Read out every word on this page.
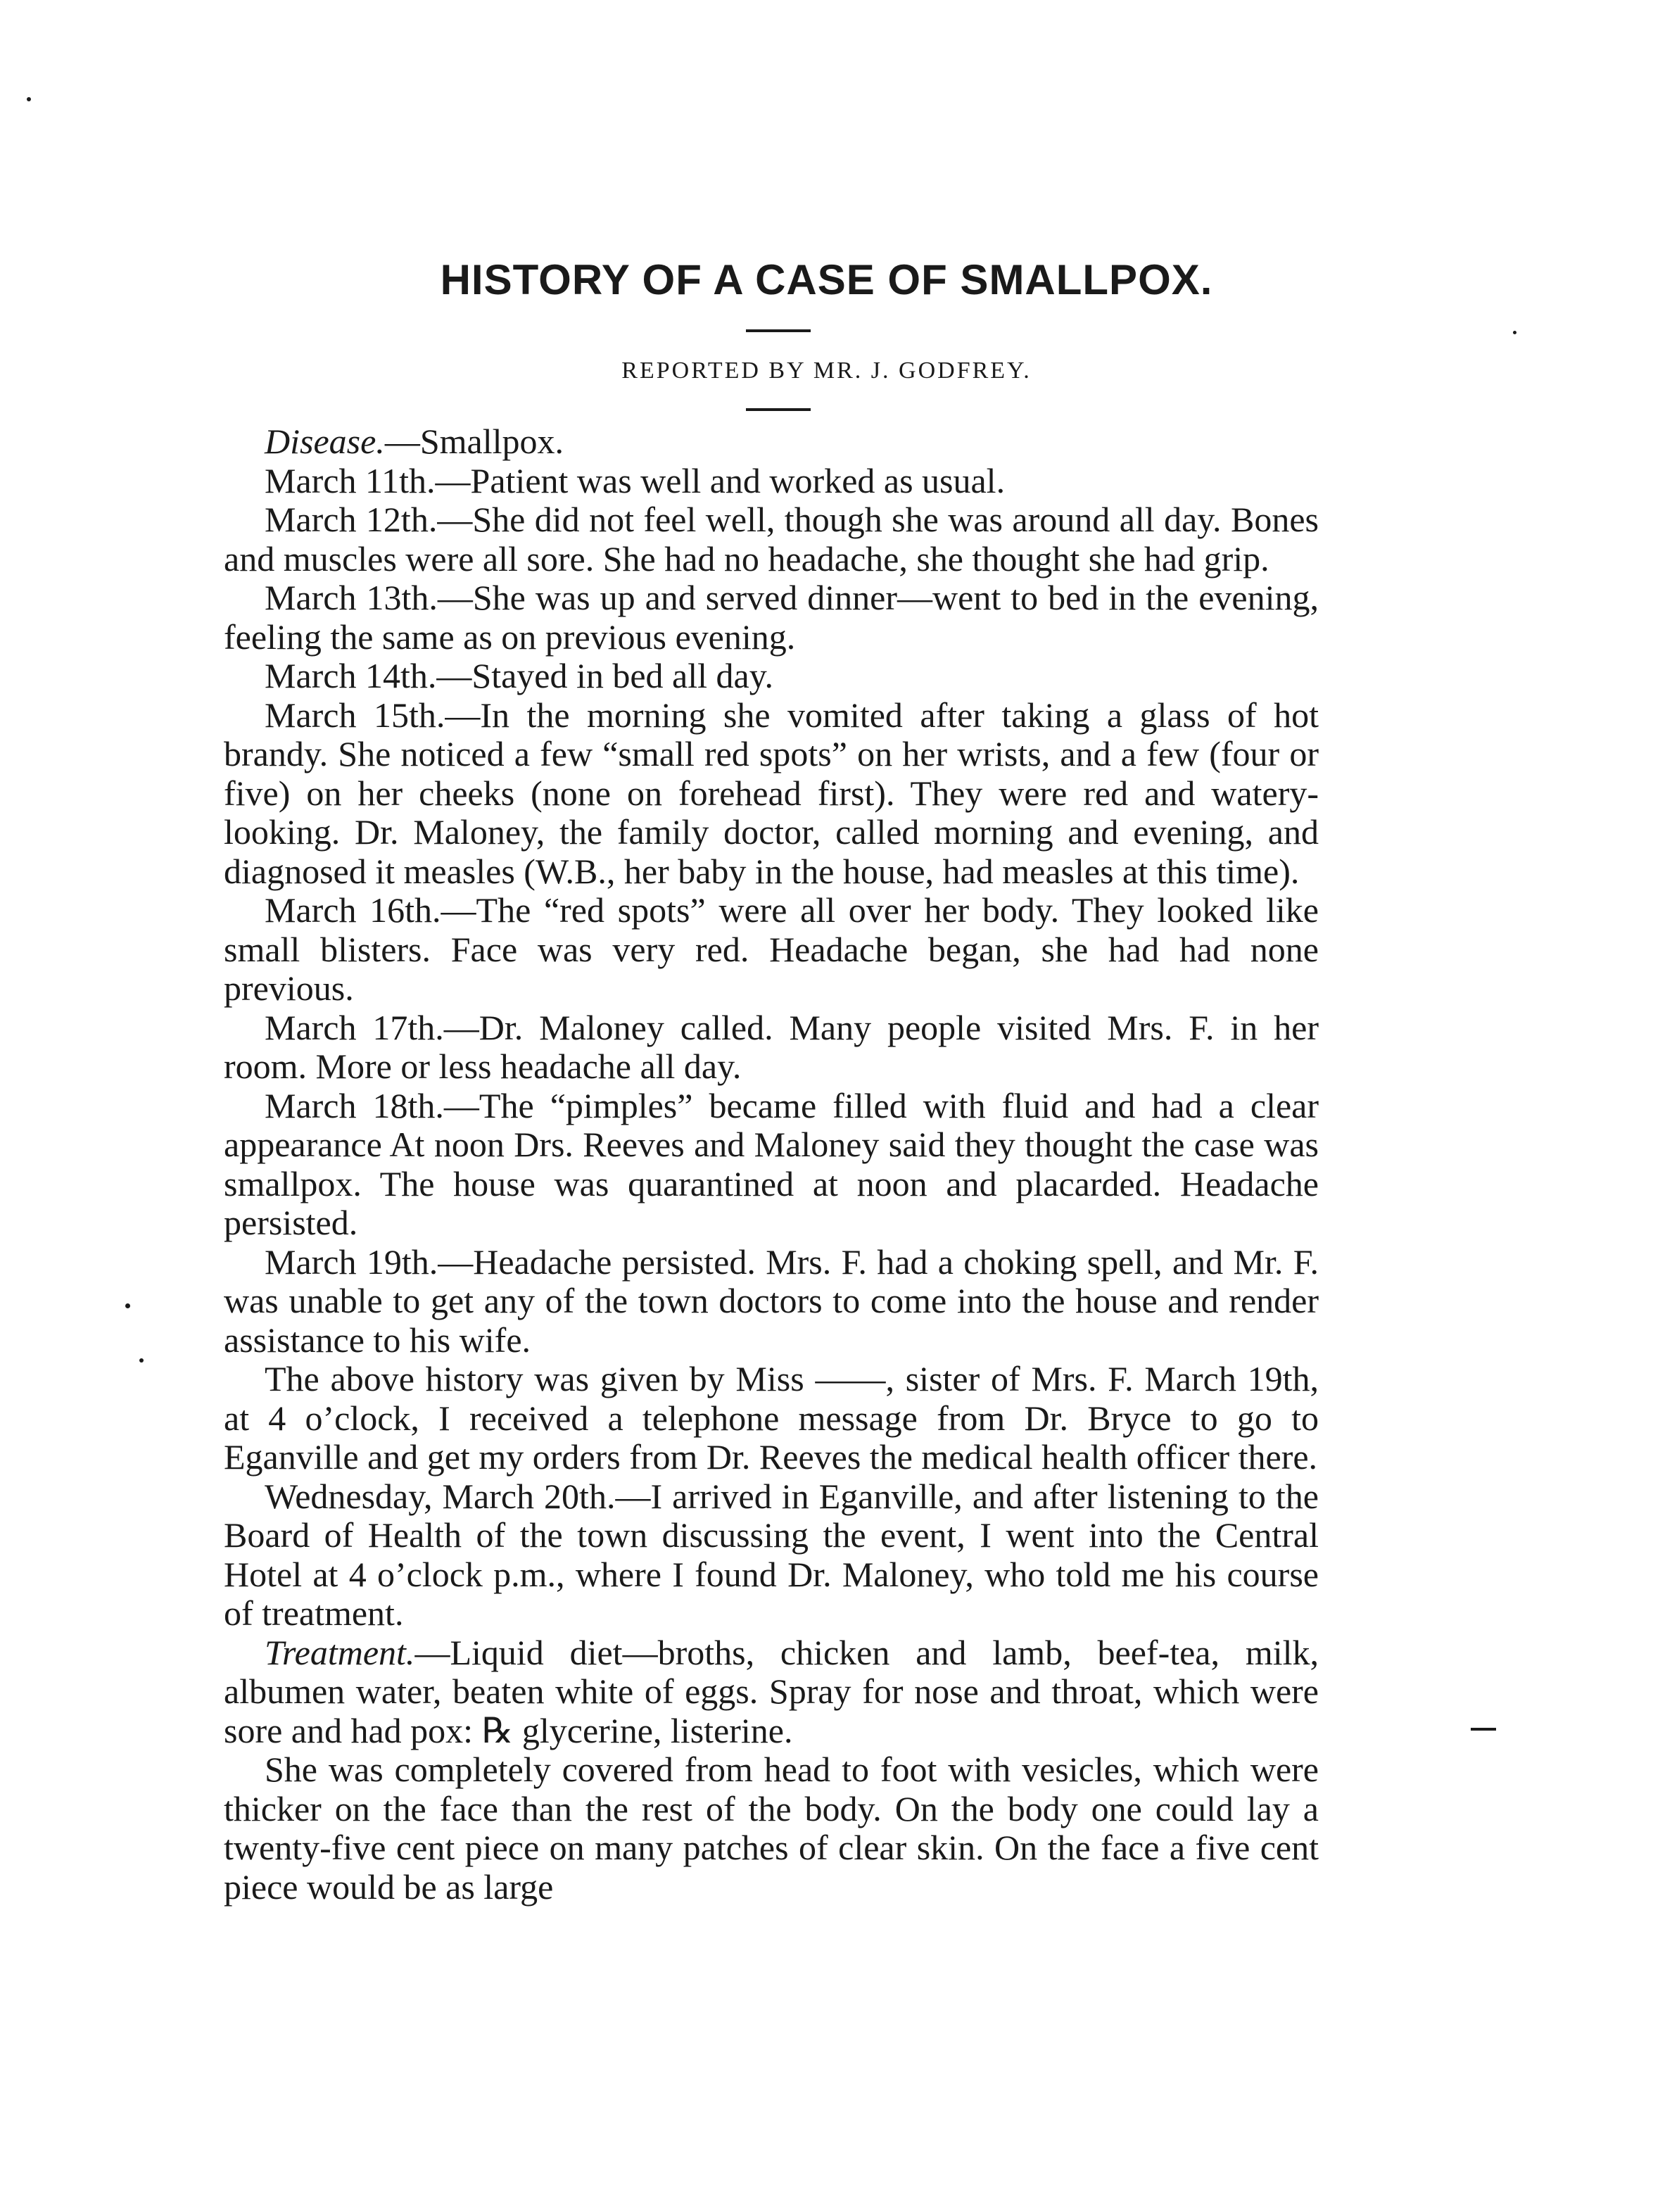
HISTORY OF A CASE OF SMALLPOX.
REPORTED BY MR. J. GODFREY.

Disease.—Smallpox.

March 11th.—Patient was well and worked as usual.

March 12th.—She did not feel well, though she was around all day. Bones and muscles were all sore. She had no headache, she thought she had grip.

March 13th.—She was up and served dinner—went to bed in the evening, feeling the same as on previous evening.

March 14th.—Stayed in bed all day.

March 15th.—In the morning she vomited after taking a glass of hot brandy. She noticed a few “small red spots” on her wrists, and a few (four or five) on her cheeks (none on forehead first). They were red and watery-looking. Dr. Maloney, the family doctor, called morning and evening, and diagnosed it measles (W.B., her baby in the house, had measles at this time).

March 16th.—The “red spots” were all over her body. They looked like small blisters. Face was very red. Headache began, she had had none previous.

March 17th.—Dr. Maloney called. Many people visited Mrs. F. in her room. More or less headache all day.

March 18th.—The “pimples” became filled with fluid and had a clear appearance At noon Drs. Reeves and Maloney said they thought the case was smallpox. The house was quarantined at noon and placarded. Headache persisted.

March 19th.—Headache persisted. Mrs. F. had a choking spell, and Mr. F. was unable to get any of the town doctors to come into the house and render assistance to his wife.

The above history was given by Miss ——, sister of Mrs. F. March 19th, at 4 o’clock, I received a telephone message from Dr. Bryce to go to Eganville and get my orders from Dr. Reeves the medical health officer there.

Wednesday, March 20th.—I arrived in Eganville, and after listening to the Board of Health of the town discussing the event, I went into the Central Hotel at 4 o’clock p.m., where I found Dr. Maloney, who told me his course of treatment.

Treatment.—Liquid diet—broths, chicken and lamb, beef-tea, milk, albumen water, beaten white of eggs. Spray for nose and throat, which were sore and had pox: ℞ glycerine, listerine.

She was completely covered from head to foot with vesicles, which were thicker on the face than the rest of the body. On the body one could lay a twenty-five cent piece on many patches of clear skin. On the face a five cent piece would be as large
